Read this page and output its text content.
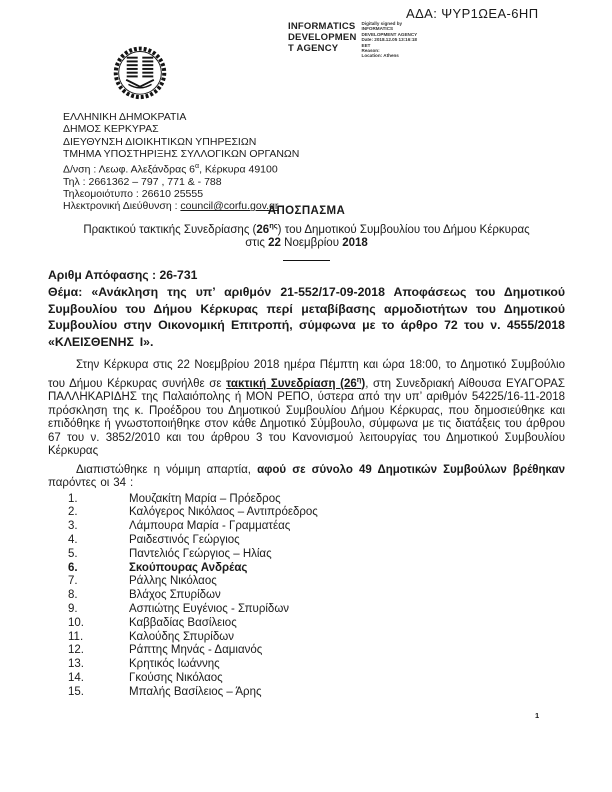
ΑΔΑ: ΨΥΡ1ΩΕΑ-6ΗΠ
INFORMATICS
DEVELOPMEN
T AGENCY
Digitally signed by
INFORMATICS
DEVELOPMENT AGENCY
Date: 2018.12.05 13:16:18
EET
Reason:
Location: Athens
ΕΛΛΗΝΙΚΗ ΔΗΜΟΚΡΑΤΙΑ
ΔΗΜΟΣ ΚΕΡΚΥΡΑΣ
ΔΙΕΥΘΥΝΣΗ ΔΙΟΙΚΗΤΙΚΩΝ ΥΠΗΡΕΣΙΩΝ
ΤΜΗΜΑ ΥΠΟΣΤΗΡΙΞΗΣ ΣΥΛΛΟΓΙΚΩΝ ΟΡΓΑΝΩΝ
Δ/νση : Λεωφ. Αλεξάνδρας $6^\alpha$, Κέρκυρα 49100
Τηλ : 2661362 – 797 , 771 & - 788
Τηλεομοιότυπο : 26610 25555
Ηλεκτρονική Διεύθυνση : council@corfu.gov.gr
ΑΠΟΣΠΑΣΜΑ
Πρακτικού τακτικής Συνεδρίασης $(26^{\eta\varsigma})$ του Δημοτικού Συμβουλίου του Δήμου Κέρκυρας
στις 22 Νοεμβρίου 2018
Αριθμ Απόφασης : 26-731
Θέμα: «Ανάκληση της υπ’ αριθμόν 21-552/17-09-2018 Αποφάσεως του Δημοτικού Συμβουλίου του Δήμου Κέρκυρας περί μεταβίβασης αρμοδιοτήτων του Δημοτικού Συμβουλίου στην Οικονομική Επιτροπή, σύμφωνα με το άρθρο 72 του ν. 4555/2018 «ΚΛΕΙΣΘΕΝΗΣ Ι».

Στην Κέρκυρα στις 22 Νοεμβρίου 2018 ημέρα Πέμπτη και ώρα 18:00, το Δημοτικό Συμβούλιο του Δήμου Κέρκυρας συνήλθε σε τακτική Συνεδρίαση $(26^\eta)$, στη Συνεδριακή Αίθουσα ΕΥΑΓΟΡΑΣ ΠΑΛΛΗΚΑΡΙΔΗΣ της Παλαιόπολης ή ΜΟΝ ΡΕΠΟ, ύστερα από την υπ’ αριθμόν 54225/16-11-2018 πρόσκληση της κ. Προέδρου του Δημοτικού Συμβουλίου Δήμου Κέρκυρας, που δημοσιεύθηκε και επιδόθηκε ή γνωστοποιήθηκε στον κάθε Δημοτικό Σύμβουλο, σύμφωνα με τις διατάξεις του άρθρου 67 του ν. 3852/2010 και του άρθρου 3 του Κανονισμού λειτουργίας του Δημοτικού Συμβουλίου Κέρκυρας

Διαπιστώθηκε η νόμιμη απαρτία, αφού σε σύνολο 49 Δημοτικών Συμβούλων βρέθηκαν παρόντες οι 34 :

1.	Μουζακίτη Μαρία – Πρόεδρος
2.	Καλόγερος Νικόλαος – Αντιπρόεδρος
3.	Λάμπουρα Μαρία - Γραμματέας
4.	Ραιδεστινός Γεώργιος
5.	Παντελιός Γεώργιος – Ηλίας
6.	Σκούπουρας Ανδρέας
7.	Ράλλης Νικόλαος
8.	Βλάχος Σπυρίδων
9.	Ασπιώτης Ευγένιος - Σπυρίδων
10.	Καββαδίας Βασίλειος
11.	Καλούδης Σπυρίδων
12.	Ράπτης Μηνάς - Δαμιανός
13.	Κρητικός Ιωάννης
14.	Γκούσης Νικόλαος
15.	Μπαλής Βασίλειος – Άρης
1
